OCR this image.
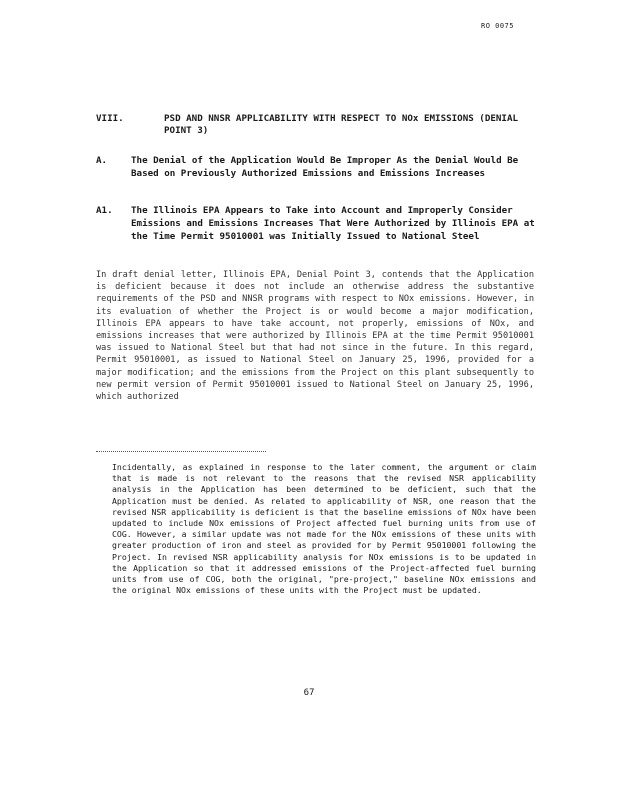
RO 0075
VIII.	PSD AND NNSR APPLICABILITY WITH RESPECT TO NOx EMISSIONS (DENIAL POINT 3)
A.	The Denial of the Application Would Be Improper As the Denial Would Be Based on Previously Authorized Emissions and Emissions Increases
A1. The Illinois EPA Appears to Take into Account and Improperly Consider Emissions and Emissions Increases That Were Authorized by Illinois EPA at the Time Permit 95010001 was Initially Issued to National Steel

In draft denial letter, Illinois EPA, Denial Point 3, contends that the Application is deficient because it does not include an otherwise address the substantive requirements of the PSD and NNSR programs with respect to NOx emissions. However, in its evaluation of whether the Project is or would become a major modification, Illinois EPA appears to have take account, not properly, emissions of NOx, and emissions increases that were authorized by Illinois EPA at the time Permit 95010001 was issued to National Steel but that had not since in the future. In this regard, Permit 95010001, as issued to National Steel on January 25, 1996, provided for a major modification; and the emissions from the Project on this plant subsequently to new permit version of Permit 95010001 issued to National Steel on January 25, 1996, which authorized

Incidentally, as explained in response to the later comment, the argument or claim that is made is not relevant to the reasons that the revised NSR applicability analysis in the Application has been determined to be deficient, such that the Application must be denied. As related to applicability of NSR, one reason that the revised NSR applicability is deficient is that the baseline emissions of NOx have been updated to include NOx emissions of Project affected fuel burning units from use of COG. However, a similar update was not made for the NOx emissions of these units with greater production of iron and steel as provided for by Permit 95010001 following the Project. In revised NSR applicability analysis for NOx emissions is to be updated in the Application so that it addressed emissions of the Project-affected fuel burning units from use of COG, both the original, "pre-project," baseline NOx emissions and the original NOx emissions of these units with the Project must be updated.

67
